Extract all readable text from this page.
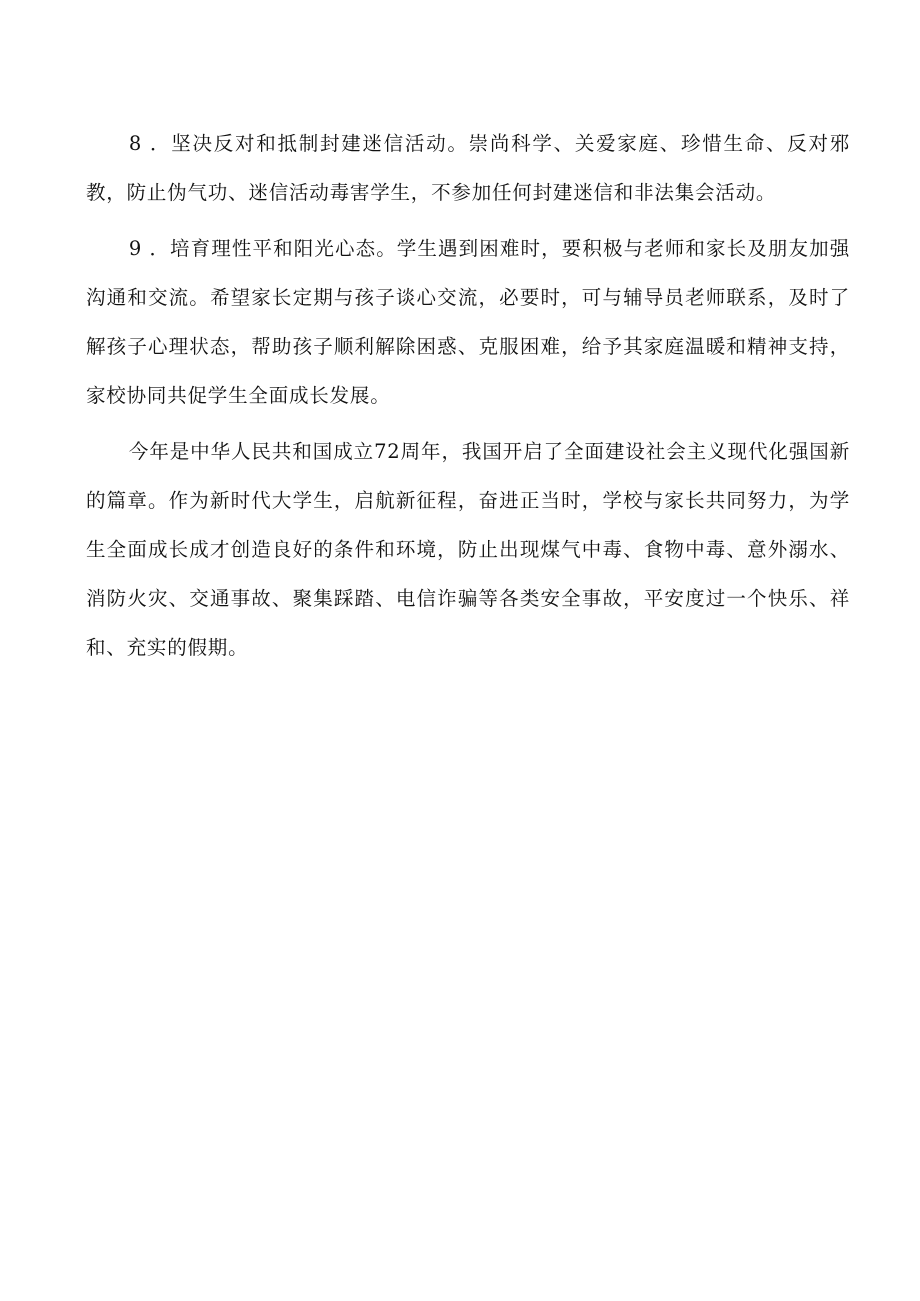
8 ．坚决反对和抵制封建迷信活动。崇尚科学、关爱家庭、珍惜生命、反对邪教，防止伪气功、迷信活动毒害学生，不参加任何封建迷信和非法集会活动。

9 ．培育理性平和阳光心态。学生遇到困难时，要积极与老师和家长及朋友加强沟通和交流。希望家长定期与孩子谈心交流，必要时，可与辅导员老师联系，及时了解孩子心理状态，帮助孩子顺利解除困惑、克服困难，给予其家庭温暖和精神支持，家校协同共促学生全面成长发展。

今年是中华人民共和国成立72周年，我国开启了全面建设社会主义现代化强国新的篇章。作为新时代大学生，启航新征程，奋进正当时，学校与家长共同努力，为学生全面成长成才创造良好的条件和环境，防止出现煤气中毒、食物中毒、意外溺水、消防火灾、交通事故、聚集踩踏、电信诈骗等各类安全事故，平安度过一个快乐、祥和、充实的假期。
